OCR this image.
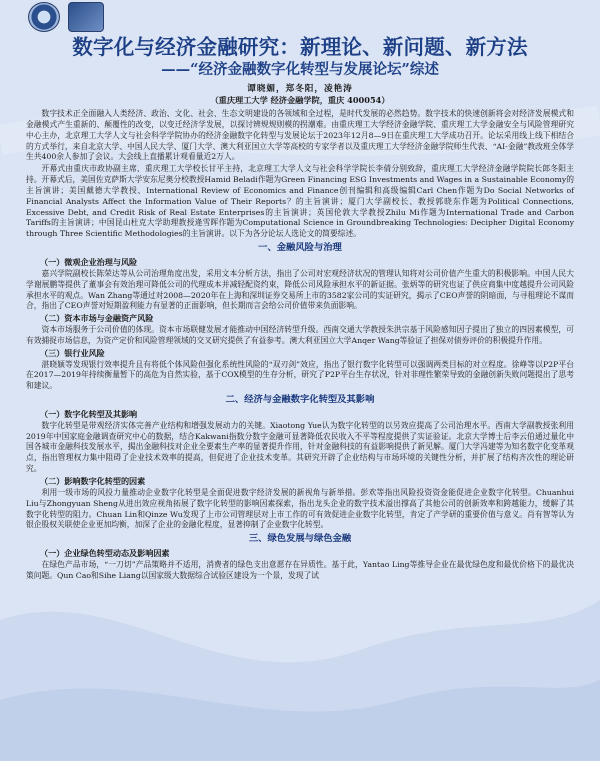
数字化与经济金融研究：新理论、新问题、新方法
——“经济金融数字化转型与发展论坛”综述
谭晓媚，郑冬阳，凌艳涛
（重庆理工大学 经济金融学院，重庆 400054）

数字技术正全面融入人类经济、政治、文化、社会、生态文明建设的各领域和全过程，是时代发展的必然趋势。数字技术的快速创新将会对经济发展模式和金融模式产生重新的、颠覆性的改变，以变迁经济学发展，以探讨辨规规则模的拐潮难。由重庆理工大学经济金融学院、重庆理工大学金融安全与风险管理研究中心主办，北京理工大学人文与社会科学学院协办的经济金融数字化转型与发展论坛于2023年12月8—9日在重庆理工大学成功召开。论坛采用线上线下相结合的方式举行，来自北京大学、中国人民大学、厦门大学、澳大利亚国立大学等高校的专家学者以及重庆理工大学经济金融学院师生代表、“AI-金融”教改班全体学生共400余人参加了会议。大会线上直播累计观看量近2万人。

开幕式由重庆市政协副主席、重庆理工大学校长甘平主持，北京理工大学人文与社会科学学院长李倩分别致辞，重庆理工大学经济金融学院院长郎冬阳主持。开幕式后，美国佐克萨斯大学安东尼奥分校教授Hamid Beladi作题为Green Financing ESG Investments and Wages in a Sustainable Economy的主旨演讲；美国戴德大学教授、International Review of Economics and Finance创刊编辑和高级编辑Carl Chen作题为Do Social Networks of Financial Analysts Affect the Information Value of Their Reports？的主旨演讲；厦门大学副校长、教授郭晓东作题为Political Connections, Excessive Debt, and Credit Risk of Real Estate Enterprises的主旨演讲；英国伦敦大学教授Zhilu Mi作题为International Trade and Carbon Tariffs的主旨演讲；中国昆山杜克大学助理教授逄雪晖作题为Computational Science in Groundbreaking Technologies: Decipher Digital Economy through Three Scientific Methodologies的主旨演讲。以下为各分论坛人选论文的简要综述。

一、金融风险与治理
（一）微观企业治理与风险

嘉兴学院副校长陈荣达等从公司治理角度出发，采用文本分析方法，指出了公司对宏观经济状况的管理认知将对公司价值产生重大的积极影响。中国人民大学谢展鹏等提供了董事会有效治理可降低公司的代理成本并减轻配资约束，降低公司风险承担水平的新证据。张炳等的研究也证了供应商集中度越提升公司风险承担水平的观点。Wan Zhang等通过对2008—2020年在上海和深圳证券交易所上市的3582家公司的实证研究，揭示了CEO声誉的阴暗面，与寻租理论不谋而合，指出了CEO声誉对短期盈利能力有显著的正面影响，但长期而言会给公司价值带来负面影响。

（二）资本市场与金融资产风险

资本市场服务于公司价值的体现。资本市场联健发展才能推动中国经济转型升级。西南交通大学教授朱洪宗基于风险感知因子提出了独立的四因素模型，可有效捕捉市场信息，为资产定价和风险管理领域的交叉研究提供了有益参考。澳大利亚国立大学Anqer Wang等验证了担保对债券评价的积极提升作用。

（三）银行业风险

湛晓颖等发现银行效率提升且有将低个体风险但强化系统性风险的“双刃剑”效应，指出了银行数字化转型可以强调两类目标的对立程度。徐峥等以P2P平台在2017—2019年持续衡量暂下的高危为自然实验，基于COX模型的生存分析，研究了P2P平台生存状况，针对非理性繁荣导致的金融创新失败问题提出了思考和建议。

二、经济与金融数字化转型及其影响
（一）数字化转型及其影响

数字化转型是带观经济实体完善产业结构和增强发展动力的关键。Xiaotong Yue认为数字化转型的以另效应提高了公司治理水平。西南大学副教授张利用2019年中国家庭金融调查研究中心的数据，结合Kakwani指数分数字金融可显著降低农民收入不平等程度提供了实证验证。北京大学博士后李云伯通过量化中国各城市金融科技发展水平，揭出金融科技对企业全要素生产率的显著提升作用，针对金融科技的有益影响提供了新见解。厦门大学冯建等为知名数字化变革观点，指出管理权力集中阻碍了企业技术效率的提高，但促进了企业技术变革。其研究开辟了企业结构与市场环境的关键性分析，并扩展了结构齐次性的理论研究。

（二）影响数字化转型的因素

利用一级市场的风投力量推动企业数字化转型是全面促进数字经济发展的新视角与新举措。彭欢等指出风险投资资金能促进企业数字化转型。Chuanhui Liu与Zhongyuan Sheng从进出效应视角拓展了数字化转型的影响因素探索，指出龙头企业的数字技术溢出撑高了其他公司的创新效率和跨越能力，缓解了其数字化转型的阻力。Chuan Lin和Qinze Wu发现了上市公司管理层对上市工作的可有效促进企业数字化转型，肯定了产学研的重要价值与意义。肖有智等认为银企股权关联使企业更加均衡，加深了企业的金融化程度，显著抑制了企业数字化转型。

三、绿色发展与绿色金融
（一）企业绿色转型动态及影响因素

在绿色产品市场，“一刀切”产品策略并不适用，消费者的绿色支出意愿存在异质性。基于此，Yantao Ling等推导企业在最优绿色度和最优价格下的最优决策问题。Qun Cao和Sihe Liang以国家级大数据综合试验区建设为一个景，发现了试
